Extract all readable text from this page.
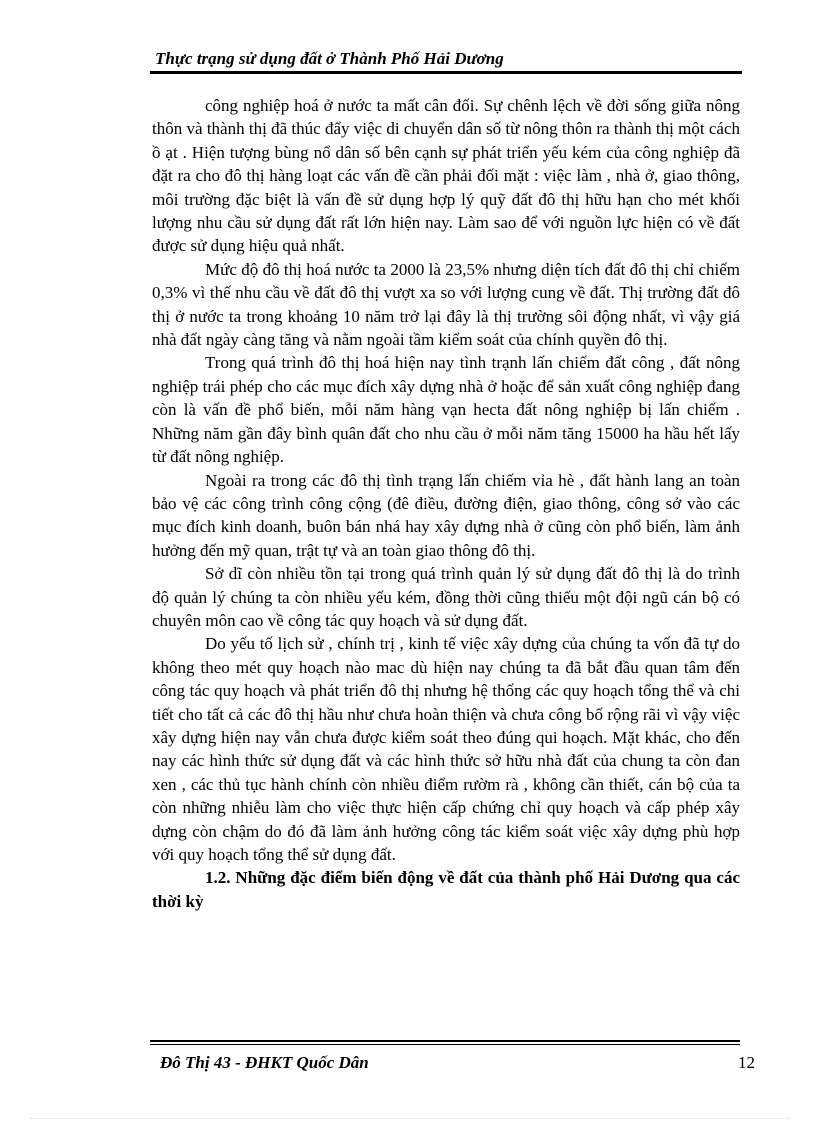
Thực trạng sử dụng đất ở Thành Phố Hải Dương

công nghiệp hoá ở nước ta mất cân đối. Sự chênh lệch về đời sống giữa nông thôn và thành thị đã thúc đẩy việc di chuyển dân số từ nông thôn ra thành thị một cách ồ ạt . Hiện tượng bùng nổ dân số bên cạnh sự phát triển yếu kém của công nghiệp đã đặt ra cho đô thị hàng loạt các vấn đề cần phải đối mặt : việc làm , nhà ở, giao thông, môi trường đặc biệt là vấn đề sử dụng hợp lý quỹ đất đô thị hữu hạn cho mét khối lượng nhu cầu sử dụng đất rất lớn hiện nay. Làm sao để với nguồn lực hiện có về đất được sử dụng hiệu quả nhất.

Mức độ đô thị hoá nước ta 2000 là 23,5% nhưng diện tích đất đô thị chỉ chiếm 0,3% vì thế nhu cầu về đất đô thị vượt xa so với lượng cung về đất. Thị trường đất đô thị ở nước ta trong khoảng 10 năm trở lại đây là thị trường sôi động nhất, vì vậy giá nhà đất ngày càng tăng và nằm ngoài tầm kiểm soát của chính quyền đô thị.

Trong quá trình đô thị hoá hiện nay tình trạnh lấn chiếm đất công , đất nông nghiệp trái phép cho các mục đích xây dựng nhà ở hoặc để sản xuất công nghiệp đang còn là vấn đề phổ biến, mỗi năm hàng vạn hecta đất nông nghiệp bị lấn chiếm . Những năm gần đây bình quân đất cho nhu cầu ở mỗi năm tăng 15000 ha hầu hết lấy từ đất nông nghiệp.

Ngoài ra trong các đô thị tình trạng lấn chiếm vỉa hè , đất hành lang an toàn bảo vệ các công trình công cộng (đê điều, đường điện, giao thông, công sở vào các mục đích kinh doanh, buôn bán nhá hay xây dựng nhà ở cũng còn phổ biến, làm ảnh hưởng đến mỹ quan, trật tự và an toàn giao thông đô thị.

Sở dĩ còn nhiều tồn tại trong quá trình quản lý sử dụng đất đô thị là do trình độ quản lý chúng ta còn nhiều yếu kém, đồng thời cũng thiếu một đội ngũ cán bộ có chuyên môn cao về công tác quy hoạch và sử dụng đất.

Do yếu tố lịch sử , chính trị , kinh tế việc xây dựng của chúng ta vốn đã tự do không theo mét quy hoạch nào mac dù hiện nay chúng ta đã bắt đầu quan tâm đến công tác quy hoạch và phát triển đô thị nhưng hệ thống các quy hoạch tổng thể và chi tiết cho tất cả các đô thị hầu như chưa hoàn thiện và chưa công bố rộng rãi vì vậy việc xây dựng hiện nay vẫn chưa được kiểm soát theo đúng qui hoạch. Mặt khác, cho đến nay các hình thức sử dụng đất và các hình thức sở hữu nhà đất của chung ta còn đan xen , các thủ tục hành chính còn nhiều điểm rườm rà , không cần thiết, cán bộ của ta còn những nhiễu làm cho việc thực hiện cấp chứng chỉ quy hoạch và cấp phép xây dựng còn chậm do đó đã làm ảnh hưởng công tác kiểm soát việc xây dựng phù hợp với quy hoạch tổng thể sử dụng đất.

1.2. Những đặc điểm biến động về đất của thành phố Hải Dương qua các thời kỳ

Đô Thị 43 - ĐHKT Quốc Dân	12
